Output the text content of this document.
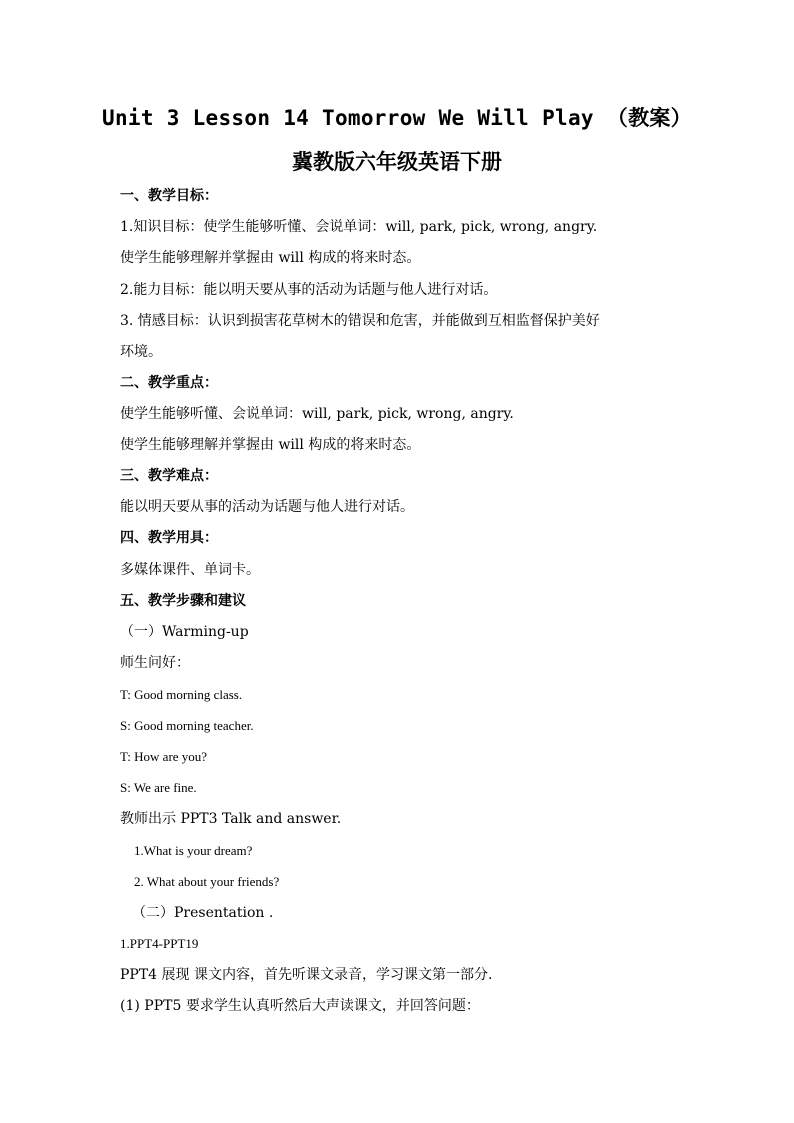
Unit 3 Lesson 14 Tomorrow We Will Play （教案）
冀教版六年级英语下册
一、教学目标：
1.知识目标：使学生能够听懂、会说单词：will, park, pick, wrong, angry.
使学生能够理解并掌握由 will 构成的将来时态。
2.能力目标：能以明天要从事的活动为话题与他人进行对话。
3. 情感目标：认识到损害花草树木的错误和危害，并能做到互相监督保护美好
环境。
二、教学重点：
使学生能够听懂、会说单词：will, park, pick, wrong, angry.
使学生能够理解并掌握由 will 构成的将来时态。
三、教学难点：
能以明天要从事的活动为话题与他人进行对话。
四、教学用具：
多媒体课件、单词卡。
五、教学步骤和建议
（一）Warming-up
师生问好：
T: Good morning class.
S: Good morning teacher.
T: How are you?
S: We are fine.
教师出示 PPT3 Talk and answer.
1.What is your dream?
2. What about your friends?
（二）Presentation .
1.PPT4-PPT19
PPT4 展现 课文内容，首先听课文录音，学习课文第一部分.
(1) PPT5 要求学生认真听然后大声读课文，并回答问题：
